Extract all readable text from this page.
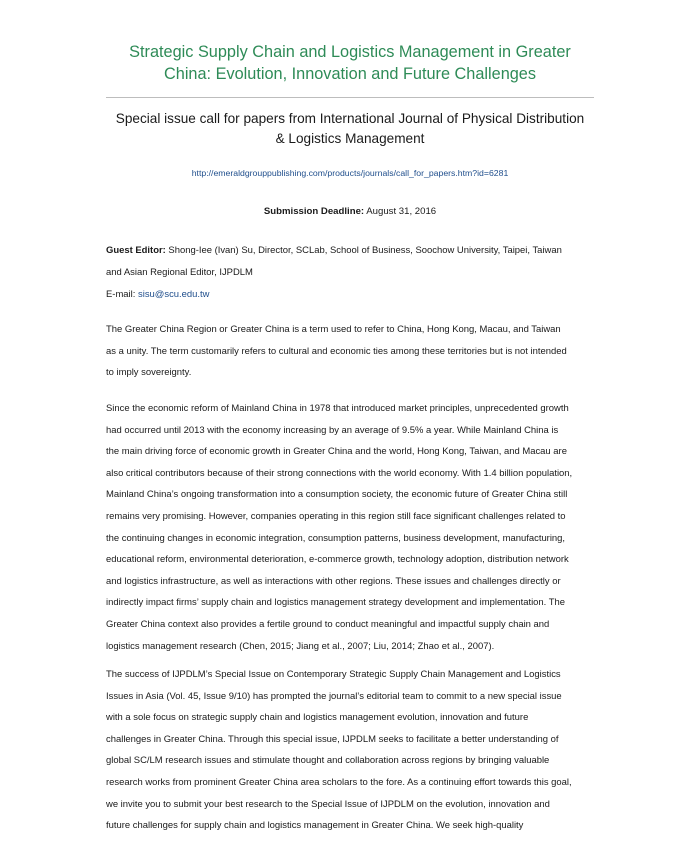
Strategic Supply Chain and Logistics Management in Greater
China: Evolution, Innovation and Future Challenges
Special issue call for papers from International Journal of Physical Distribution
& Logistics Management
http://emeraldgrouppublishing.com/products/journals/call_for_papers.htm?id=6281
Submission Deadline: August 31, 2016
Guest Editor: Shong-Iee (Ivan) Su, Director, SCLab, School of Business, Soochow University, Taipei, Taiwan
and Asian Regional Editor, IJPDLM
E-mail: sisu@scu.edu.tw
The Greater China Region or Greater China is a term used to refer to China, Hong Kong, Macau, and Taiwan
as a unity. The term customarily refers to cultural and economic ties among these territories but is not intended
to imply sovereignty.
Since the economic reform of Mainland China in 1978 that introduced market principles, unprecedented growth
had occurred until 2013 with the economy increasing by an average of 9.5% a year. While Mainland China is
the main driving force of economic growth in Greater China and the world, Hong Kong, Taiwan, and Macau are
also critical contributors because of their strong connections with the world economy. With 1.4 billion population,
Mainland China’s ongoing transformation into a consumption society, the economic future of Greater China still
remains very promising. However, companies operating in this region still face significant challenges related to
the continuing changes in economic integration, consumption patterns, business development, manufacturing,
educational reform, environmental deterioration, e-commerce growth, technology adoption, distribution network
and logistics infrastructure, as well as interactions with other regions. These issues and challenges directly or
indirectly impact firms’ supply chain and logistics management strategy development and implementation. The
Greater China context also provides a fertile ground to conduct meaningful and impactful supply chain and
logistics management research (Chen, 2015; Jiang et al., 2007; Liu, 2014; Zhao et al., 2007).
The success of IJPDLM’s Special Issue on Contemporary Strategic Supply Chain Management and Logistics
Issues in Asia (Vol. 45, Issue 9/10) has prompted the journal’s editorial team to commit to a new special issue
with a sole focus on strategic supply chain and logistics management evolution, innovation and future
challenges in Greater China. Through this special issue, IJPDLM seeks to facilitate a better understanding of
global SC/LM research issues and stimulate thought and collaboration across regions by bringing valuable
research works from prominent Greater China area scholars to the fore. As a continuing effort towards this goal,
we invite you to submit your best research to the Special Issue of IJPDLM on the evolution, innovation and
future challenges for supply chain and logistics management in Greater China. We seek high-quality
